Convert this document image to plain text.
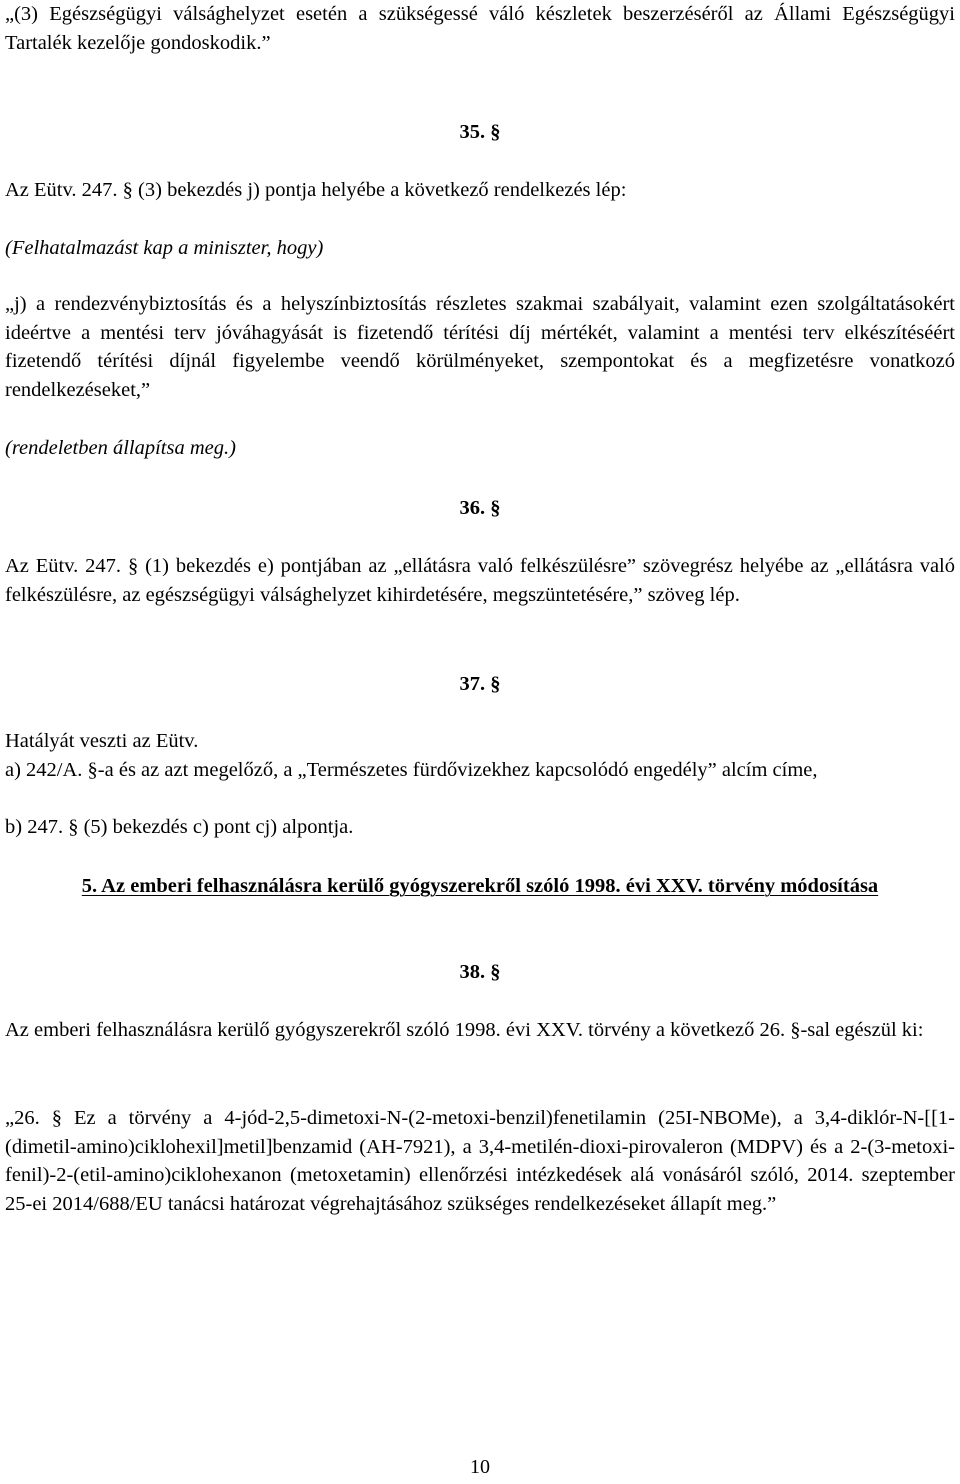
„(3) Egészségügyi válsághelyzet esetén a szükségessé váló készletek beszerzéséről az Állami Egészségügyi Tartalék kezelője gondoskodik.”

35. §

Az Eütv. 247. § (3) bekezdés j) pontja helyébe a következő rendelkezés lép:

(Felhatalmazást kap a miniszter, hogy)

„j) a rendezvénybiztosítás és a helyszínbiztosítás részletes szakmai szabályait, valamint ezen szolgáltatásokért ideértve a mentési terv jóváhagyását is fizetendő térítési díj mértékét, valamint a mentési terv elkészítéséért fizetendő térítési díjnál figyelembe veendő körülményeket, szempontokat és a megfizetésre vonatkozó rendelkezéseket,”

(rendeletben állapítsa meg.)

36. §

Az Eütv. 247. § (1) bekezdés e) pontjában az „ellátásra való felkészülésre” szövegrész helyébe az „ellátásra való felkészülésre, az egészségügyi válsághelyzet kihirdetésére, megszüntetésére,” szöveg lép.

37. §

Hatályát veszti az Eütv.

a) 242/A. §-a és az azt megelőző, a „Természetes fürdővizekhez kapcsolódó engedély” alcím címe,

b) 247. § (5) bekezdés c) pont cj) alpontja.

5. Az emberi felhasználásra kerülő gyógyszerekről szóló 1998. évi XXV. törvény módosítása

38. §

Az emberi felhasználásra kerülő gyógyszerekről szóló 1998. évi XXV. törvény a következő 26. §-sal egészül ki:

„26. § Ez a törvény a 4-jód-2,5-dimetoxi-N-(2-metoxi-benzil)fenetilamin (25I-NBOMe), a 3,4-diklór-N-[[1-(dimetil-amino)ciklohexil]metil]benzamid (AH-7921), a 3,4-metilén-dioxi-pirovaleron (MDPV) és a 2-(3-metoxi-fenil)-2-(etil-amino)ciklohexanon (metoxetamin) ellenőrzési intézkedések alá vonásáról szóló, 2014. szeptember 25-ei 2014/688/EU tanácsi határozat végrehajtásához szükséges rendelkezéseket állapít meg.”

10
